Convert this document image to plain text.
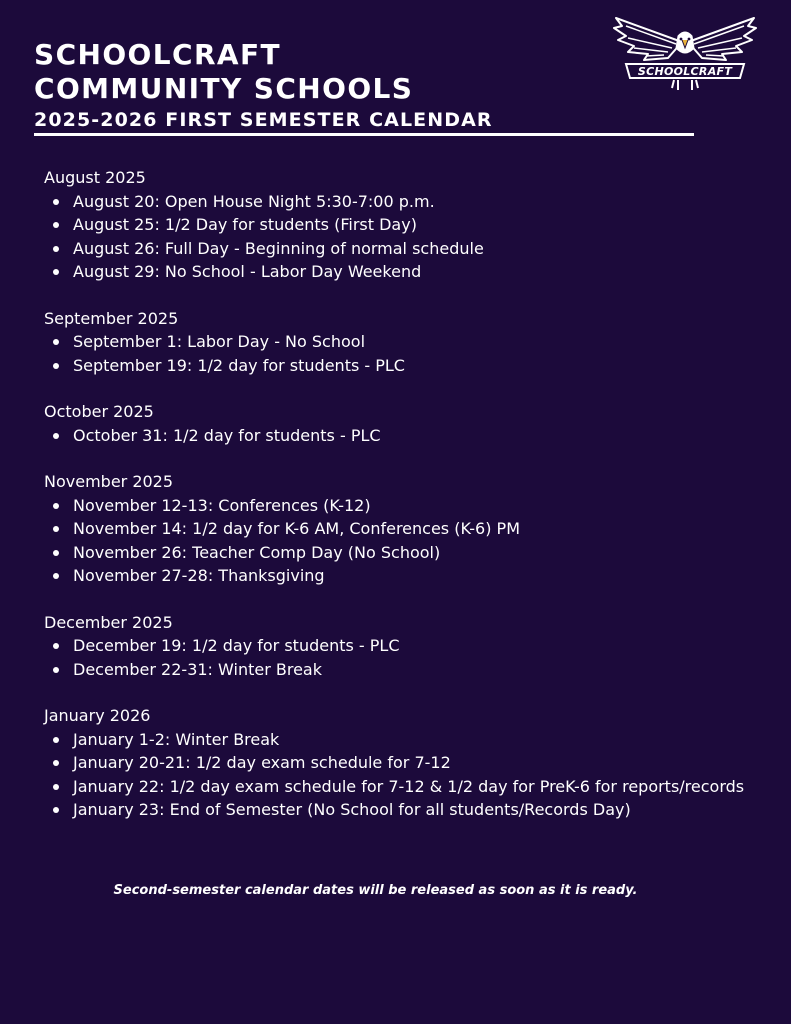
SCHOOLCRAFT COMMUNITY SCHOOLS
2025-2026 FIRST SEMESTER CALENDAR
SCHOOLCRAFT
August 2025
August 20: Open House Night 5:30-7:00 p.m.
August 25: 1/2 Day for students (First Day)
August 26: Full Day - Beginning of normal schedule
August 29: No School - Labor Day Weekend
September 2025
September 1: Labor Day - No School
September 19: 1/2 day for students - PLC
October 2025
October 31: 1/2 day for students - PLC
November 2025
November 12-13: Conferences (K-12)
November 14: 1/2 day for K-6 AM, Conferences (K-6) PM
November 26: Teacher Comp Day (No School)
November 27-28: Thanksgiving
December 2025
December 19: 1/2 day for students - PLC
December 22-31: Winter Break
January 2026
January 1-2: Winter Break
January 20-21: 1/2 day exam schedule for 7-12
January 22: 1/2 day exam schedule for 7-12 & 1/2 day for PreK-6 for reports/records
January 23: End of Semester (No School for all students/Records Day)
Second-semester calendar dates will be released as soon as it is ready.
